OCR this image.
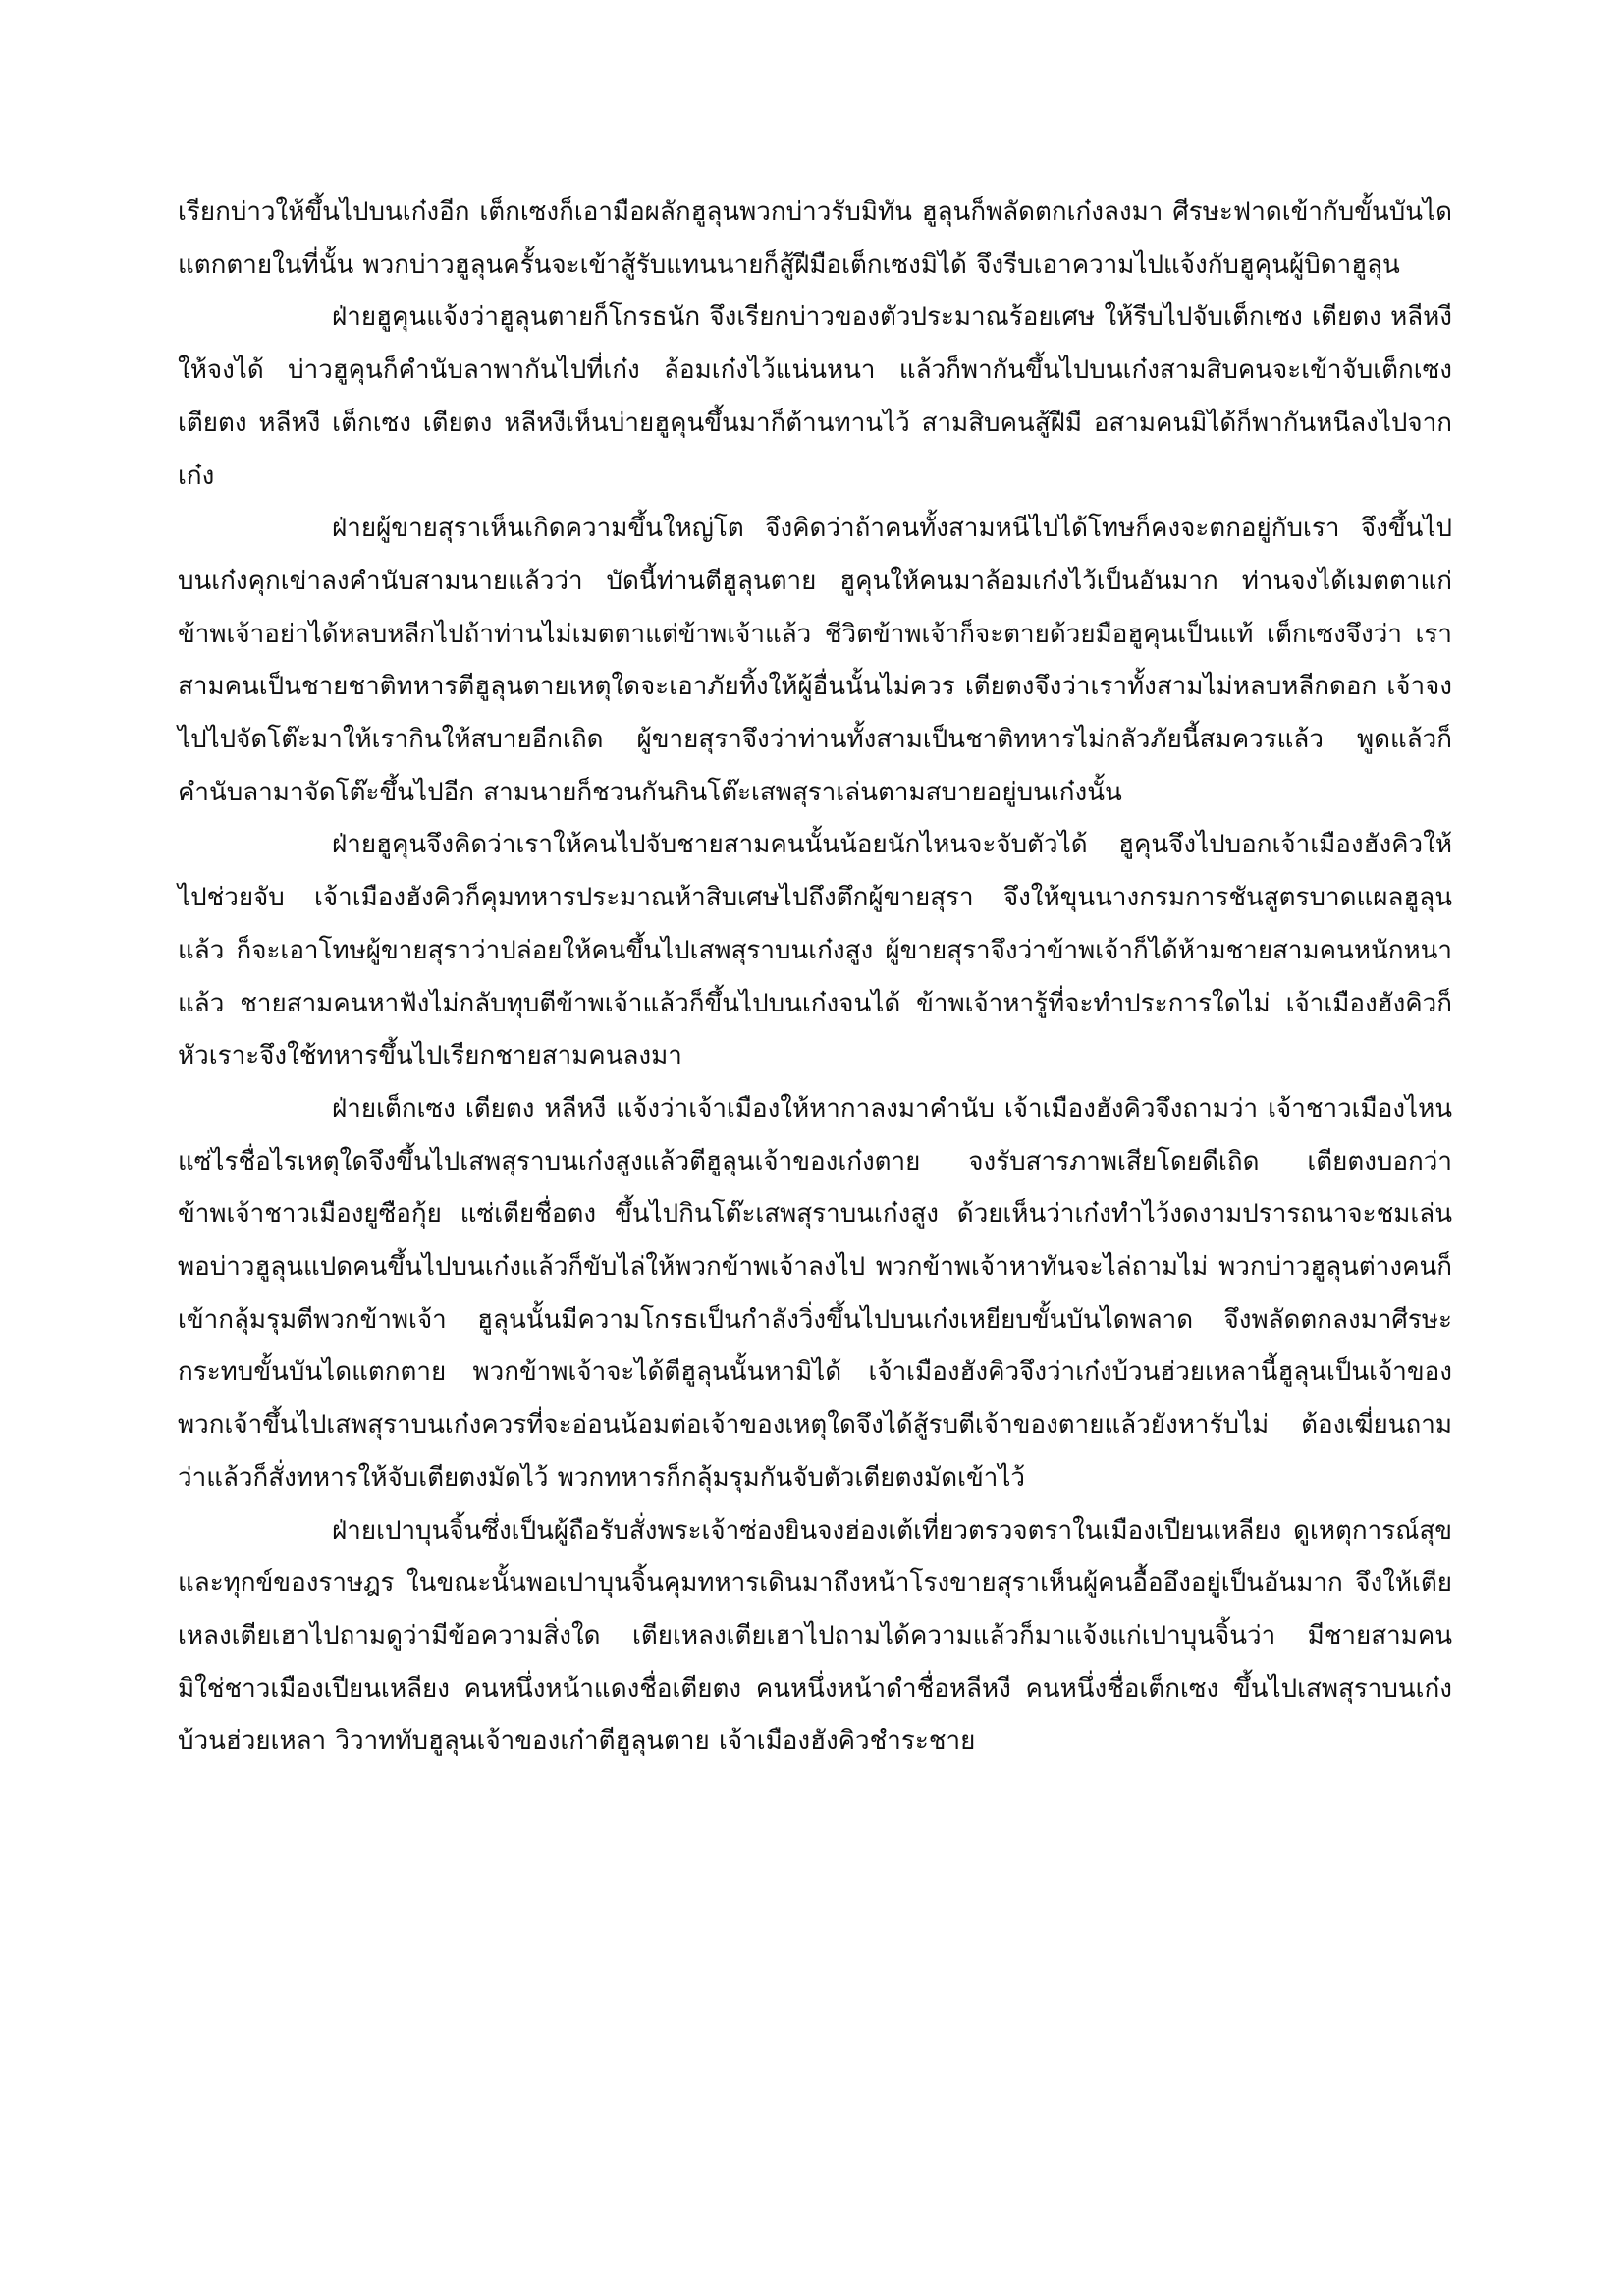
เรียกบ่าวให้ขึ้นไปบนเก๋งอีก เต็กเซงก็เอามือผลักฮูลุนพวกบ่าวรับมิทัน ฮูลุนก็พลัดตกเก๋งลงมา ศีรษะฟาดเข้ากับขั้นบันไดแตกตายในที่นั้น พวกบ่าวฮูลุนครั้นจะเข้าสู้รับแทนนายก็สู้ฝีมือเต็กเซงมิได้ จึงรีบเอาความไปแจ้งกับฮูคุนผู้บิดาฮูลุน

ฝ่ายฮูคุนแจ้งว่าฮูลุนตายก็โกรธนัก จึงเรียกบ่าวของตัวประมาณร้อยเศษ ให้รีบไปจับเต็กเซง เตียตง หลีหงี ให้จงได้ บ่าวฮูคุนก็คำนับลาพากันไปที่เก๋ง ล้อมเก๋งไว้แน่นหนา แล้วก็พากันขึ้นไปบนเก๋งสามสิบคนจะเข้าจับเต็กเซง เตียตง หลีหงี เต็กเซง เตียตง หลีหงีเห็นบ่ายฮูคุนขึ้นมาก็ต้านทานไว้ สามสิบคนสู้ฝีมื อสามคนมิได้ก็พากันหนีลงไปจากเก๋ง

ฝ่ายผู้ขายสุราเห็นเกิดความขึ้นใหญ่โต จึงคิดว่าถ้าคนทั้งสามหนีไปได้โทษก็คงจะตกอยู่กับเรา จึงขึ้นไปบนเก๋งคุกเข่าลงคำนับสามนายแล้วว่า บัดนี้ท่านตีฮูลุนตาย ฮูคุนให้คนมาล้อมเก๋งไว้เป็นอันมาก ท่านจงได้เมตตาแก่ข้าพเจ้าอย่าได้หลบหลีกไปถ้าท่านไม่เมตตาแต่ข้าพเจ้าแล้ว ชีวิตข้าพเจ้าก็จะตายด้วยมือฮูคุนเป็นแท้ เต็กเซงจึงว่า เราสามคนเป็นชายชาติทหารตีฮูลุนตายเหตุใดจะเอาภัยทิ้งให้ผู้อื่นนั้นไม่ควร เตียตงจึงว่าเราทั้งสามไม่หลบหลีกดอก เจ้าจงไปไปจัดโต๊ะมาให้เรากินให้สบายอีกเถิด ผู้ขายสุราจึงว่าท่านทั้งสามเป็นชาติทหารไม่กลัวภัยนี้สมควรแล้ว พูดแล้วก็คำนับลามาจัดโต๊ะขึ้นไปอีก สามนายก็ชวนกันกินโต๊ะเสพสุราเล่นตามสบายอยู่บนเก๋งนั้น

ฝ่ายฮูคุนจึงคิดว่าเราให้คนไปจับชายสามคนนั้นน้อยนักไหนจะจับตัวได้ ฮูคุนจึงไปบอกเจ้าเมืองฮังคิวให้ไปช่วยจับ เจ้าเมืองฮังคิวก็คุมทหารประมาณห้าสิบเศษไปถึงตึกผู้ขายสุรา จึงให้ขุนนางกรมการชันสูตรบาดแผลฮูลุนแล้ว ก็จะเอาโทษผู้ขายสุราว่าปล่อยให้คนขึ้นไปเสพสุราบนเก๋งสูง ผู้ขายสุราจึงว่าข้าพเจ้าก็ได้ห้ามชายสามคนหนักหนาแล้ว ชายสามคนหาฟังไม่กลับทุบตีข้าพเจ้าแล้วก็ขึ้นไปบนเก๋งจนได้ ข้าพเจ้าหารู้ที่จะทำประการใดไม่ เจ้าเมืองฮังคิวก็หัวเราะจึงใช้ทหารขึ้นไปเรียกชายสามคนลงมา

ฝ่ายเต็กเซง เตียตง หลีหงี แจ้งว่าเจ้าเมืองให้หากาลงมาคำนับ เจ้าเมืองฮังคิวจึงถามว่า เจ้าชาวเมืองไหน แซ่ไรชื่อไรเหตุใดจึงขึ้นไปเสพสุราบนเก๋งสูงแล้วตีฮูลุนเจ้าของเก๋งตาย จงรับสารภาพเสียโดยดีเถิด เตียตงบอกว่าข้าพเจ้าชาวเมืองยูซือกุ้ย แซ่เตียชื่อตง ขึ้นไปกินโต๊ะเสพสุราบนเก๋งสูง ด้วยเห็นว่าเก๋งทำไว้งดงามปรารถนาจะชมเล่น พอบ่าวฮูลุนแปดคนขึ้นไปบนเก๋งแล้วก็ขับไล่ให้พวกข้าพเจ้าลงไป พวกข้าพเจ้าหาทันจะไล่ถามไม่ พวกบ่าวฮูลุนต่างคนก็เข้ากลุ้มรุมตีพวกข้าพเจ้า ฮูลุนนั้นมีความโกรธเป็นกำลังวิ่งขึ้นไปบนเก๋งเหยียบขั้นบันไดพลาด จึงพลัดตกลงมาศีรษะกระทบขั้นบันไดแตกตาย พวกข้าพเจ้าจะได้ตีฮูลุนนั้นหามิได้ เจ้าเมืองฮังคิวจึงว่าเก๋งบ้วนฮ่วยเหลานี้ฮูลุนเป็นเจ้าของ พวกเจ้าขึ้นไปเสพสุราบนเก๋งควรที่จะอ่อนน้อมต่อเจ้าของเหตุใดจึงได้สู้รบตีเจ้าของตายแล้วยังหารับไม่ ต้องเฆี่ยนถาม ว่าแล้วก็สั่งทหารให้จับเตียตงมัดไว้ พวกทหารก็กลุ้มรุมกันจับตัวเตียตงมัดเข้าไว้

ฝ่ายเปาบุนจิ้นซึ่งเป็นผู้ถือรับสั่งพระเจ้าซ่องยินจงฮ่องเต้เที่ยวตรวจตราในเมืองเปียนเหลียง ดูเหตุการณ์สุขและทุกข์ของราษฎร ในขณะนั้นพอเปาบุนจิ้นคุมทหารเดินมาถึงหน้าโรงขายสุราเห็นผู้คนอื้ออึงอยู่เป็นอันมาก จึงให้เตียเหลงเตียเฮาไปถามดูว่ามีข้อความสิ่งใด เตียเหลงเตียเฮาไปถามได้ความแล้วก็มาแจ้งแก่เปาบุนจิ้นว่า มีชายสามคนมิใช่ชาวเมืองเปียนเหลียง คนหนึ่งหน้าแดงชื่อเตียตง คนหนึ่งหน้าดำชื่อหลีหงี คนหนึ่งชื่อเต็กเซง ขึ้นไปเสพสุราบนเก๋งบ้วนฮ่วยเหลา วิวาททับฮูลุนเจ้าของเก๋าตีฮูลุนตาย เจ้าเมืองฮังคิวชำระชาย
